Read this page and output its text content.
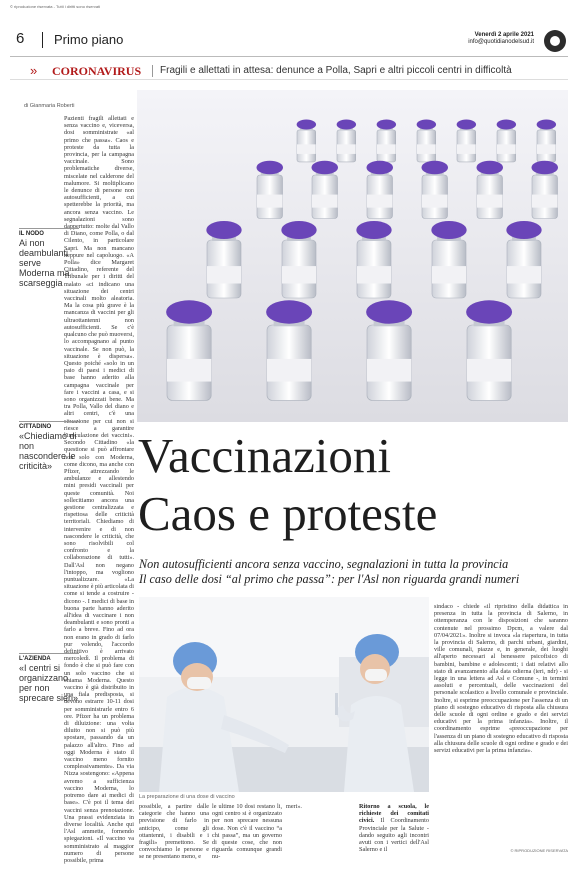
© riproduzione riservata - Tutti i diritti sono riservati
6 Primo piano	Venerdì 2 aprile 2021
info@quotidianodelsud.it
» CORONAVIRUS Fragili e allettati in attesa: denunce a Polla, Sapri e altri piccoli centri in difficoltà
di Gianmaria Roberti
Pazienti fragili allettati e senza vaccino e, viceversa, dosi somministrate «al primo che passa». Caos e proteste da tutta la provincia, per la campagna vaccinale. Sono problematiche diverse, miscelate nel calderone del malumore. Si moltiplicano le denunce di persone non autosufficienti, a cui spetterebbe la priorità, ma ancora senza vaccino. Le segnalazioni sono dappertutto: molte dal Vallo di Diano, come Polla, o dal Cilento, in particolare Sapri. Ma non mancano neppure nel capoluogo. «A Polla» dice Margaret Cittadino, referente del Tribunale per i diritti del malato «ci indicano una situazione dei centri vaccinali molto aleatoria. Ma la cosa più grave è la mancanza di vaccini per gli ultraottantenni non autosufficienti. Se c'è qualcuno che può muoversi, lo accompagnano al punto vaccinale. Se non può, la situazione è dispersa». Questo poiché «solo in un paio di paesi i medici di base hanno aderito alla campagna vaccinale per fare i vaccini a casa, e si sono organizzati bene. Ma tra Polla, Vallo del diano e altri centri, c'è una situazione per cui non si riesce a garantire l'inoculazione dei vaccini». Secondo Cittadino «la questione si può affrontare non solo con Moderna, come dicono, ma anche con Pfizer, attrezzando le ambulanze e allestendo mini presidi vaccinali per queste comunità. Noi sollecitiamo ancora una gestione centralizzata e rispettosa delle criticità territoriali. Chiediamo di intervenire e di non nascondere le criticità, che sono risolvibili col confronto e la collaborazione di tutti». Dall'Asl non negano l'intoppo, ma vogliono puntualizzare. «La situazione è più articolata di come si tende a costruire - dicono -. I medici di base in buona parte hanno aderito all'idea di vaccinare i non deambulanti e sono pronti a farlo a breve. Fino ad ora non erano in grado di farlo pur volendo, l'accordo definitivo è arrivato mercoledì. Il problema di fondo è che si può fare con un solo vaccino che si chiama Moderna. Questo vaccino è già distribuito in una fiala predisposta, si devono estrarre 10-11 dosi per somministrarle entro 6 ore. Pfizer ha un problema di diluizione: una volta diluito non si può più spostare, passando da un palazzo all'altro. Fino ad oggi Moderna è stato il vaccino meno fornito complessivamente». Da via Nizza sostengono: «Appena avremo a sufficienza vaccino Moderna, lo potremo dare ai medici di base». C'è poi il tema dei vaccini senza prenotazione. Una prassi evidenziata in diverse località. Anche qui l'Asl ammette, fornendo spiegazioni. «Il vaccino va somministrato al maggior numero di persone possibile, prima
IL NODO
Ai non deambulanti serve Moderna ma scarseggia
CITTADINO
«Chiediamo di non nascondere le criticità»
L'AZIENDA
«I centri si organizzano per non sprecare sieri»
Vaccinazioni
Caos e proteste
Non autosufficienti ancora senza vaccino, segnalazioni in tutta la provincia
Il caso delle dosi “al primo che passa”: per l'Asl non riguarda grandi numeri
La preparazione di una dose di vaccino
possibile, a partire dalle categorie che hanno una previsione di farlo in anticipo, come gli ottantenni, i disabili e i fragili» premettono. Se convochiamo le persone e se ne presentano meno, e
le ultime 10 dosi restano li, ogni centro si è organizzato per non sprecare nessuna dose. Non c'è il vaccino “a chi passa”, ma un governo di queste cose, che non riguarda comunque grandi nu-
meri».	Ritorno a scuola, le richieste dei comitati civici. Il Coordinamento Provinciale per la Salute - dando seguito agli incontri avuti con i vertici dell'Asl Salerno e il
sindaco - chiede «il ripristino della didattica in presenza in tutta la provincia di Salerno, in ottemperanza con le disposizioni che saranno contenute nel prossimo Dpcm, a valere dal 07/04/2021». Inoltre si invoca «la riapertura, in tutta la provincia di Salerno, di parchi urbani, giardini, ville comunali, piazze e, in generale, dei luoghi all'aperto necessari al benessere psicofisico di bambini, bambine e adolescenti; i dati relativi allo stato di avanzamento alla data odierna (ieri, ndr) - si legge in una lettera ad Asl e Comune -, in termini assoluti e percentuali, delle vaccinazioni del personale scolastico a livello comunale e provinciale. Inoltre, si esprime preoccupazione per l'assenza di un piano di sostegno educativo di risposta alla chiusura delle scuole di ogni ordine e grado e dei servizi educativi per la prima infanzia». Inoltre, il coordinamento esprime «preoccupazione per l'assenza di un piano di sostegno educativo di risposta alla chiusura delle scuole di ogni ordine e grado e dei servizi educativi per la prima infanzia».
© RIPRODUZIONE RISERVATA
